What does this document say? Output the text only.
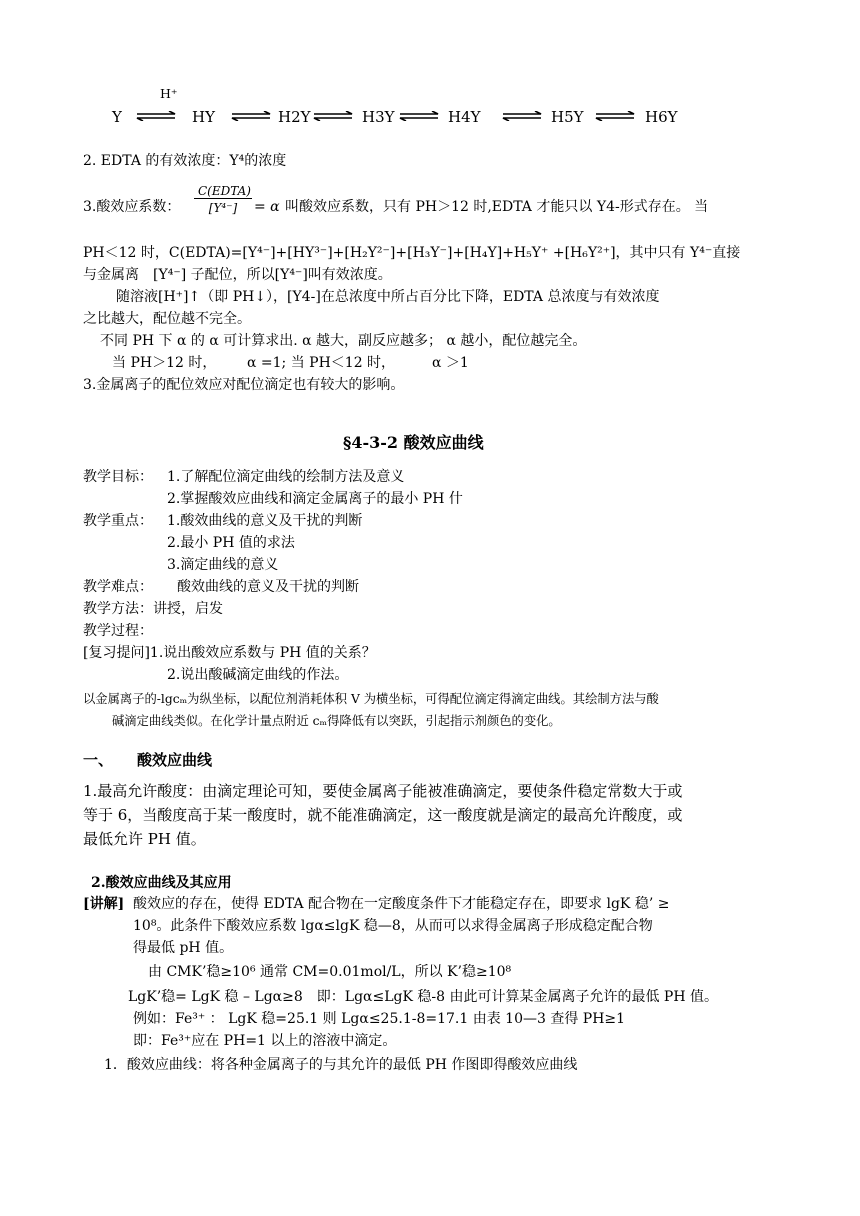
H⁺
Y	HY	H2Y	H3Y	H4Y	H5Y	H6Y
2. EDTA 的有效浓度：Y⁴的浓度
3.酸效应系数：
C(EDTA)
[Y⁴⁻]	= α 叫酸效应系数，只有 PH＞12 时,EDTA 才能只以 Y4-形式存在。 当
PH＜12 时，C(EDTA)=[Y⁴⁻]+[HY³⁻]+[H₂Y²⁻]+[H₃Y⁻]+[H₄Y]+H₅Y⁺ +[H₆Y²⁺]，其中只有 Y⁴⁻直接
与金属离　[Y⁴⁻] 子配位，所以[Y⁴⁻]叫有效浓度。
随溶液[H⁺]↑（即 PH↓），[Y4-]在总浓度中所占百分比下降，EDTA 总浓度与有效浓度
之比越大，配位越不完全。
不同 PH 下 α 的 α 可计算求出. α 越大，副反应越多； α 越小，配位越完全。
当 PH＞12 时， α =1; 当 PH＜12 时，	α ＞1
3.金属离子的配位效应对配位滴定也有较大的影响。
§4-3-2 酸效应曲线
教学目标： 1.了解配位滴定曲线的绘制方法及意义
2.掌握酸效应曲线和滴定金属离子的最小 PH 什
教学重点： 1.酸效曲线的意义及干扰的判断
2.最小 PH 值的求法
3.滴定曲线的意义
教学难点： 酸效曲线的意义及干扰的判断
教学方法：讲授，启发
教学过程：
[复习提问]1.说出酸效应系数与 PH 值的关系？
2.说出酸碱滴定曲线的作法。
以金属离子的-lgcₘ为纵坐标，以配位剂消耗体积 V 为横坐标，可得配位滴定得滴定曲线。其绘制方法与酸
碱滴定曲线类似。在化学计量点附近 cₘ得降低有以突跃，引起指示剂颜色的变化。
一、 酸效应曲线
1.最高允许酸度：由滴定理论可知，要使金属离子能被准确滴定，要使条件稳定常数大于或
等于 6，当酸度高于某一酸度时，就不能准确滴定，这一酸度就是滴定的最高允许酸度，或
最低允许 PH 值。
2.酸效应曲线及其应用
[讲解] 酸效应的存在，使得 EDTA 配合物在一定酸度条件下才能稳定存在，即要求 lgK 稳’ ≥
10⁸。此条件下酸效应系数 lgα≤lgK 稳—8，从而可以求得金属离子形成稳定配合物
得最低 pH 值。
由 CMK’稳≥10⁶ 通常 CM=0.01mol/L，所以 K’稳≥10⁸
LgK’稳= LgK 稳 – Lgα≥8　即：Lgα≤LgK 稳-8 由此可计算某金属离子允许的最低 PH 值。
例如：Fe³⁺ ： LgK 稳=25.1 则 Lgα≤25.1-8=17.1 由表 10—3 查得 PH≥1
即：Fe³⁺应在 PH=1 以上的溶液中滴定。
1．酸效应曲线：将各种金属离子的与其允许的最低 PH 作图即得酸效应曲线
